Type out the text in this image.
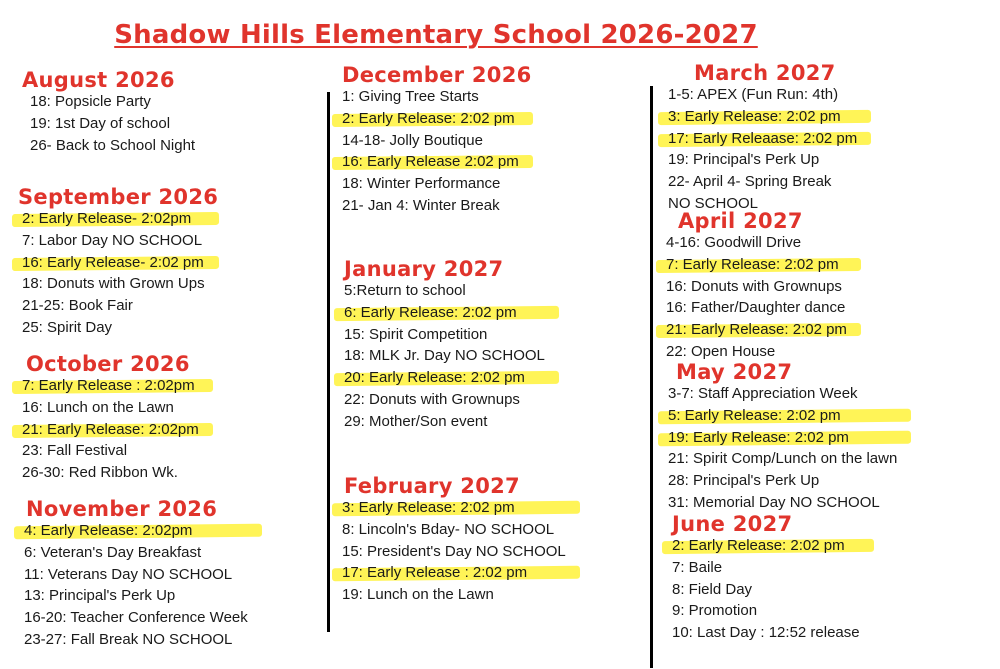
Shadow Hills Elementary School 2026-2027
August 2026
18: Popsicle Party
19: 1st Day of school
26- Back to School Night
September 2026
2: Early Release- 2:02pm
7: Labor Day NO SCHOOL
16: Early Release- 2:02 pm
18: Donuts with Grown Ups
21-25: Book Fair
25: Spirit Day
October 2026
7: Early Release : 2:02pm
16: Lunch on the Lawn
21: Early Release: 2:02pm
23: Fall Festival
26-30: Red Ribbon Wk.
November 2026
4: Early Release: 2:02pm
6: Veteran's Day Breakfast
11: Veterans Day NO SCHOOL
13: Principal's Perk Up
16-20: Teacher Conference Week
23-27: Fall Break NO SCHOOL
December 2026
1: Giving Tree Starts
2: Early Release: 2:02 pm
14-18- Jolly Boutique
16: Early Release 2:02 pm
18: Winter Performance
21- Jan 4: Winter Break
January 2027
5:Return to school
6: Early Release: 2:02 pm
15: Spirit Competition
18: MLK Jr. Day NO SCHOOL
20: Early Release: 2:02 pm
22: Donuts with Grownups
29: Mother/Son event
February 2027
3: Early Release: 2:02 pm
8: Lincoln's Bday- NO SCHOOL
15: President's Day NO SCHOOL
17: Early Release : 2:02 pm
19: Lunch on the Lawn
March 2027
1-5: APEX (Fun Run: 4th)
3: Early Release: 2:02 pm
17: Early Releaase: 2:02 pm
19: Principal's Perk Up
22- April 4- Spring Break
NO SCHOOL
April 2027
4-16: Goodwill Drive
7: Early Release: 2:02 pm
16: Donuts with Grownups
16: Father/Daughter dance
21: Early Release: 2:02 pm
22: Open House
May 2027
3-7: Staff Appreciation Week
5: Early Release: 2:02 pm
19: Early Release: 2:02 pm
21: Spirit Comp/Lunch on the lawn
28: Principal's Perk Up
31: Memorial Day NO SCHOOL
June 2027
2: Early Release: 2:02 pm
7: Baile
8: Field Day
9: Promotion
10: Last Day : 12:52 release
